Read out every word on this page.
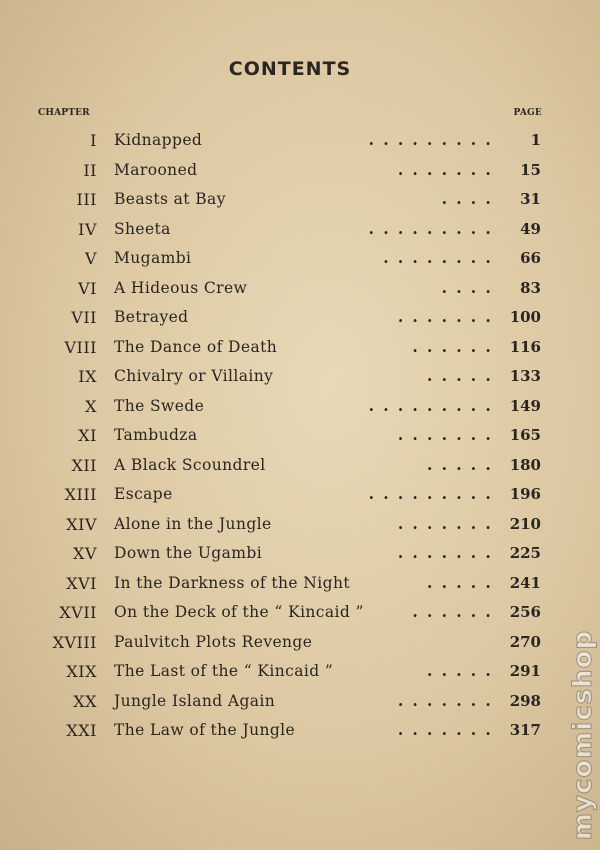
CONTENTS
CHAPTER	PAGE
I Kidnapped	......... 1
II Marooned	....... 15
III Beasts at Bay	.... 31
IV Sheeta	......... 49
V Mugambi	........ 66
VI A Hideous Crew	.... 83
VII Betrayed	....... 100
VIII The Dance of Death	...... 116
IX Chivalry or Villainy	..... 133
X The Swede	......... 149
XI Tambudza	....... 165
XII A Black Scoundrel	..... 180
XIII Escape	......... 196
XIV Alone in the Jungle	....... 210
XV Down the Ugambi	....... 225
XVI In the Darkness of the Night	..... 241
XVII On the Deck of the “ Kincaid ”	...... 256
XVIII Paulvitch Plots Revenge	270
XIX The Last of the “ Kincaid ”	..... 291
XX Jungle Island Again	....... 298
XXI The Law of the Jungle	....... 317 mycomicshop
